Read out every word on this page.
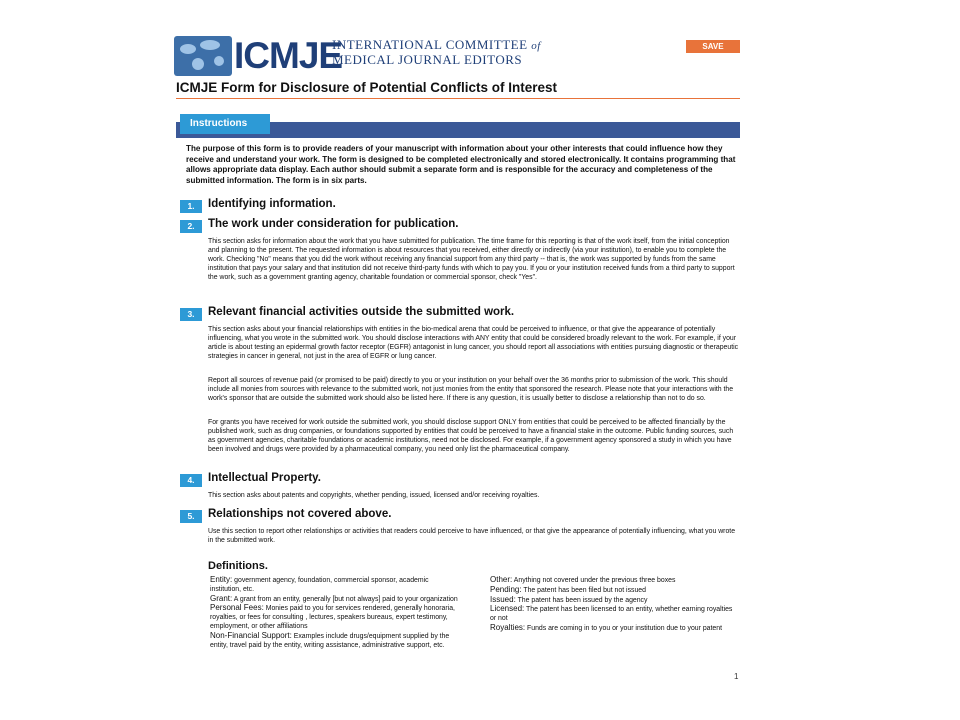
ICMJE
INTERNATIONAL COMMITTEE of
MEDICAL JOURNAL EDITORS
SAVE
ICMJE Form for Disclosure of Potential Conflicts of Interest
Instructions
The purpose of this form is to provide readers of your manuscript with information about your other interests that could influence how they receive and understand your work. The form is designed to be completed electronically and stored electronically. It contains programming that allows appropriate data display. Each author should submit a separate form and is responsible for the accuracy and completeness of the submitted information. The form is in six parts.
1.	Identifying information.
2.	The work under consideration for publication.
This section asks for information about the work that you have submitted for publication. The time frame for this reporting is that of the work itself, from the initial conception and planning to the present. The requested information is about resources that you received, either directly or indirectly (via your institution), to enable you to complete the work. Checking "No" means that you did the work without receiving any financial support from any third party -- that is, the work was supported by funds from the same institution that pays your salary and that institution did not receive third-party funds with which to pay you. If you or your institution received funds from a third party to support the work, such as a government granting agency, charitable foundation or commercial sponsor, check "Yes".
3.	Relevant financial activities outside the submitted work.
This section asks about your financial relationships with entities in the bio-medical arena that could be perceived to influence, or that give the appearance of potentially influencing, what you wrote in the submitted work. You should disclose interactions with ANY entity that could be considered broadly relevant to the work. For example, if your article is about testing an epidermal growth factor receptor (EGFR) antagonist in lung cancer, you should report all associations with entities pursuing diagnostic or therapeutic strategies in cancer in general, not just in the area of EGFR or lung cancer.
Report all sources of revenue paid (or promised to be paid) directly to you or your institution on your behalf over the 36 months prior to submission of the work. This should include all monies from sources with relevance to the submitted work, not just monies from the entity that sponsored the research. Please note that your interactions with the work's sponsor that are outside the submitted work should also be listed here. If there is any question, it is usually better to disclose a relationship than not to do so.
For grants you have received for work outside the submitted work, you should disclose support ONLY from entities that could be perceived to be affected financially by the published work, such as drug companies, or foundations supported by entities that could be perceived to have a financial stake in the outcome. Public funding sources, such as government agencies, charitable foundations or academic institutions, need not be disclosed. For example, if a government agency sponsored a study in which you have been involved and drugs were provided by a pharmaceutical company, you need only list the pharmaceutical company.
4.	Intellectual Property.
This section asks about patents and copyrights, whether pending, issued, licensed and/or receiving royalties.
5.	Relationships not covered above.
Use this section to report other relationships or activities that readers could perceive to have influenced, or that give the appearance of potentially influencing, what you wrote in the submitted work.
Definitions.
Entity: government agency, foundation, commercial sponsor, academic institution, etc.
Grant: A grant from an entity, generally [but not always] paid to your organization
Personal Fees: Monies paid to you for services rendered, generally honoraria, royalties, or fees for consulting , lectures, speakers bureaus, expert testimony, employment, or other affiliations
Non-Financial Support: Examples include drugs/equipment supplied by the entity, travel paid by the entity, writing assistance, administrative support, etc.
Other: Anything not covered under the previous three boxes
Pending: The patent has been filed but not issued
Issued: The patent has been issued by the agency
Licensed: The patent has been licensed to an entity, whether earning royalties or not
Royalties: Funds are coming in to you or your institution due to your patent
1
